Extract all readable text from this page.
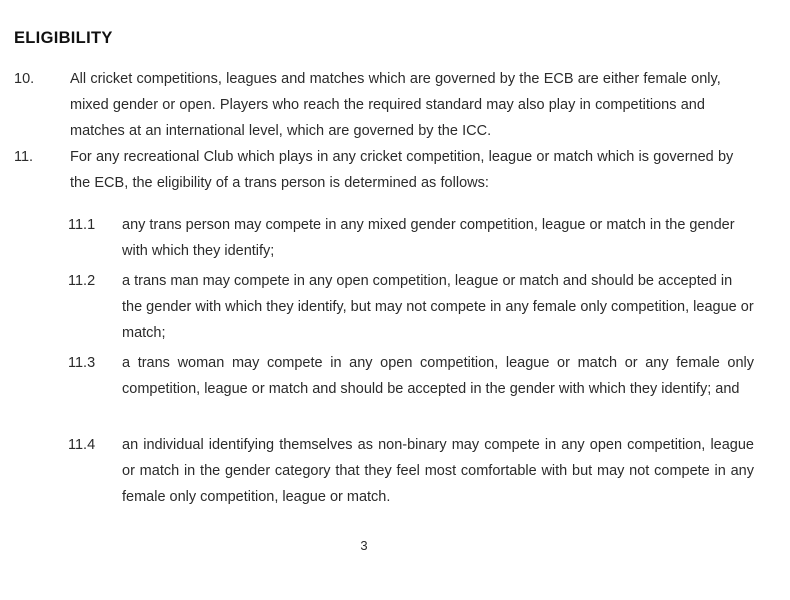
ELIGIBILITY
10.	All cricket competitions, leagues and matches which are governed by the ECB are either female only, mixed gender or open. Players who reach the required standard may also play in competitions and matches at an international level, which are governed by the ICC.
11.	For any recreational Club which plays in any cricket competition, league or match which is governed by the ECB, the eligibility of a trans person is determined as follows:
11.1	any trans person may compete in any mixed gender competition, league or match in the gender with which they identify;
11.2	a trans man may compete in any open competition, league or match and should be accepted in the gender with which they identify, but may not compete in any female only competition, league or match;
11.3	a trans woman may compete in any open competition, league or match or any female only competition, league or match and should be accepted in the gender with which they identify; and
11.4	an individual identifying themselves as non-binary may compete in any open competition, league or match in the gender category that they feel most comfortable with but may not compete in any female only competition, league or match.
3
